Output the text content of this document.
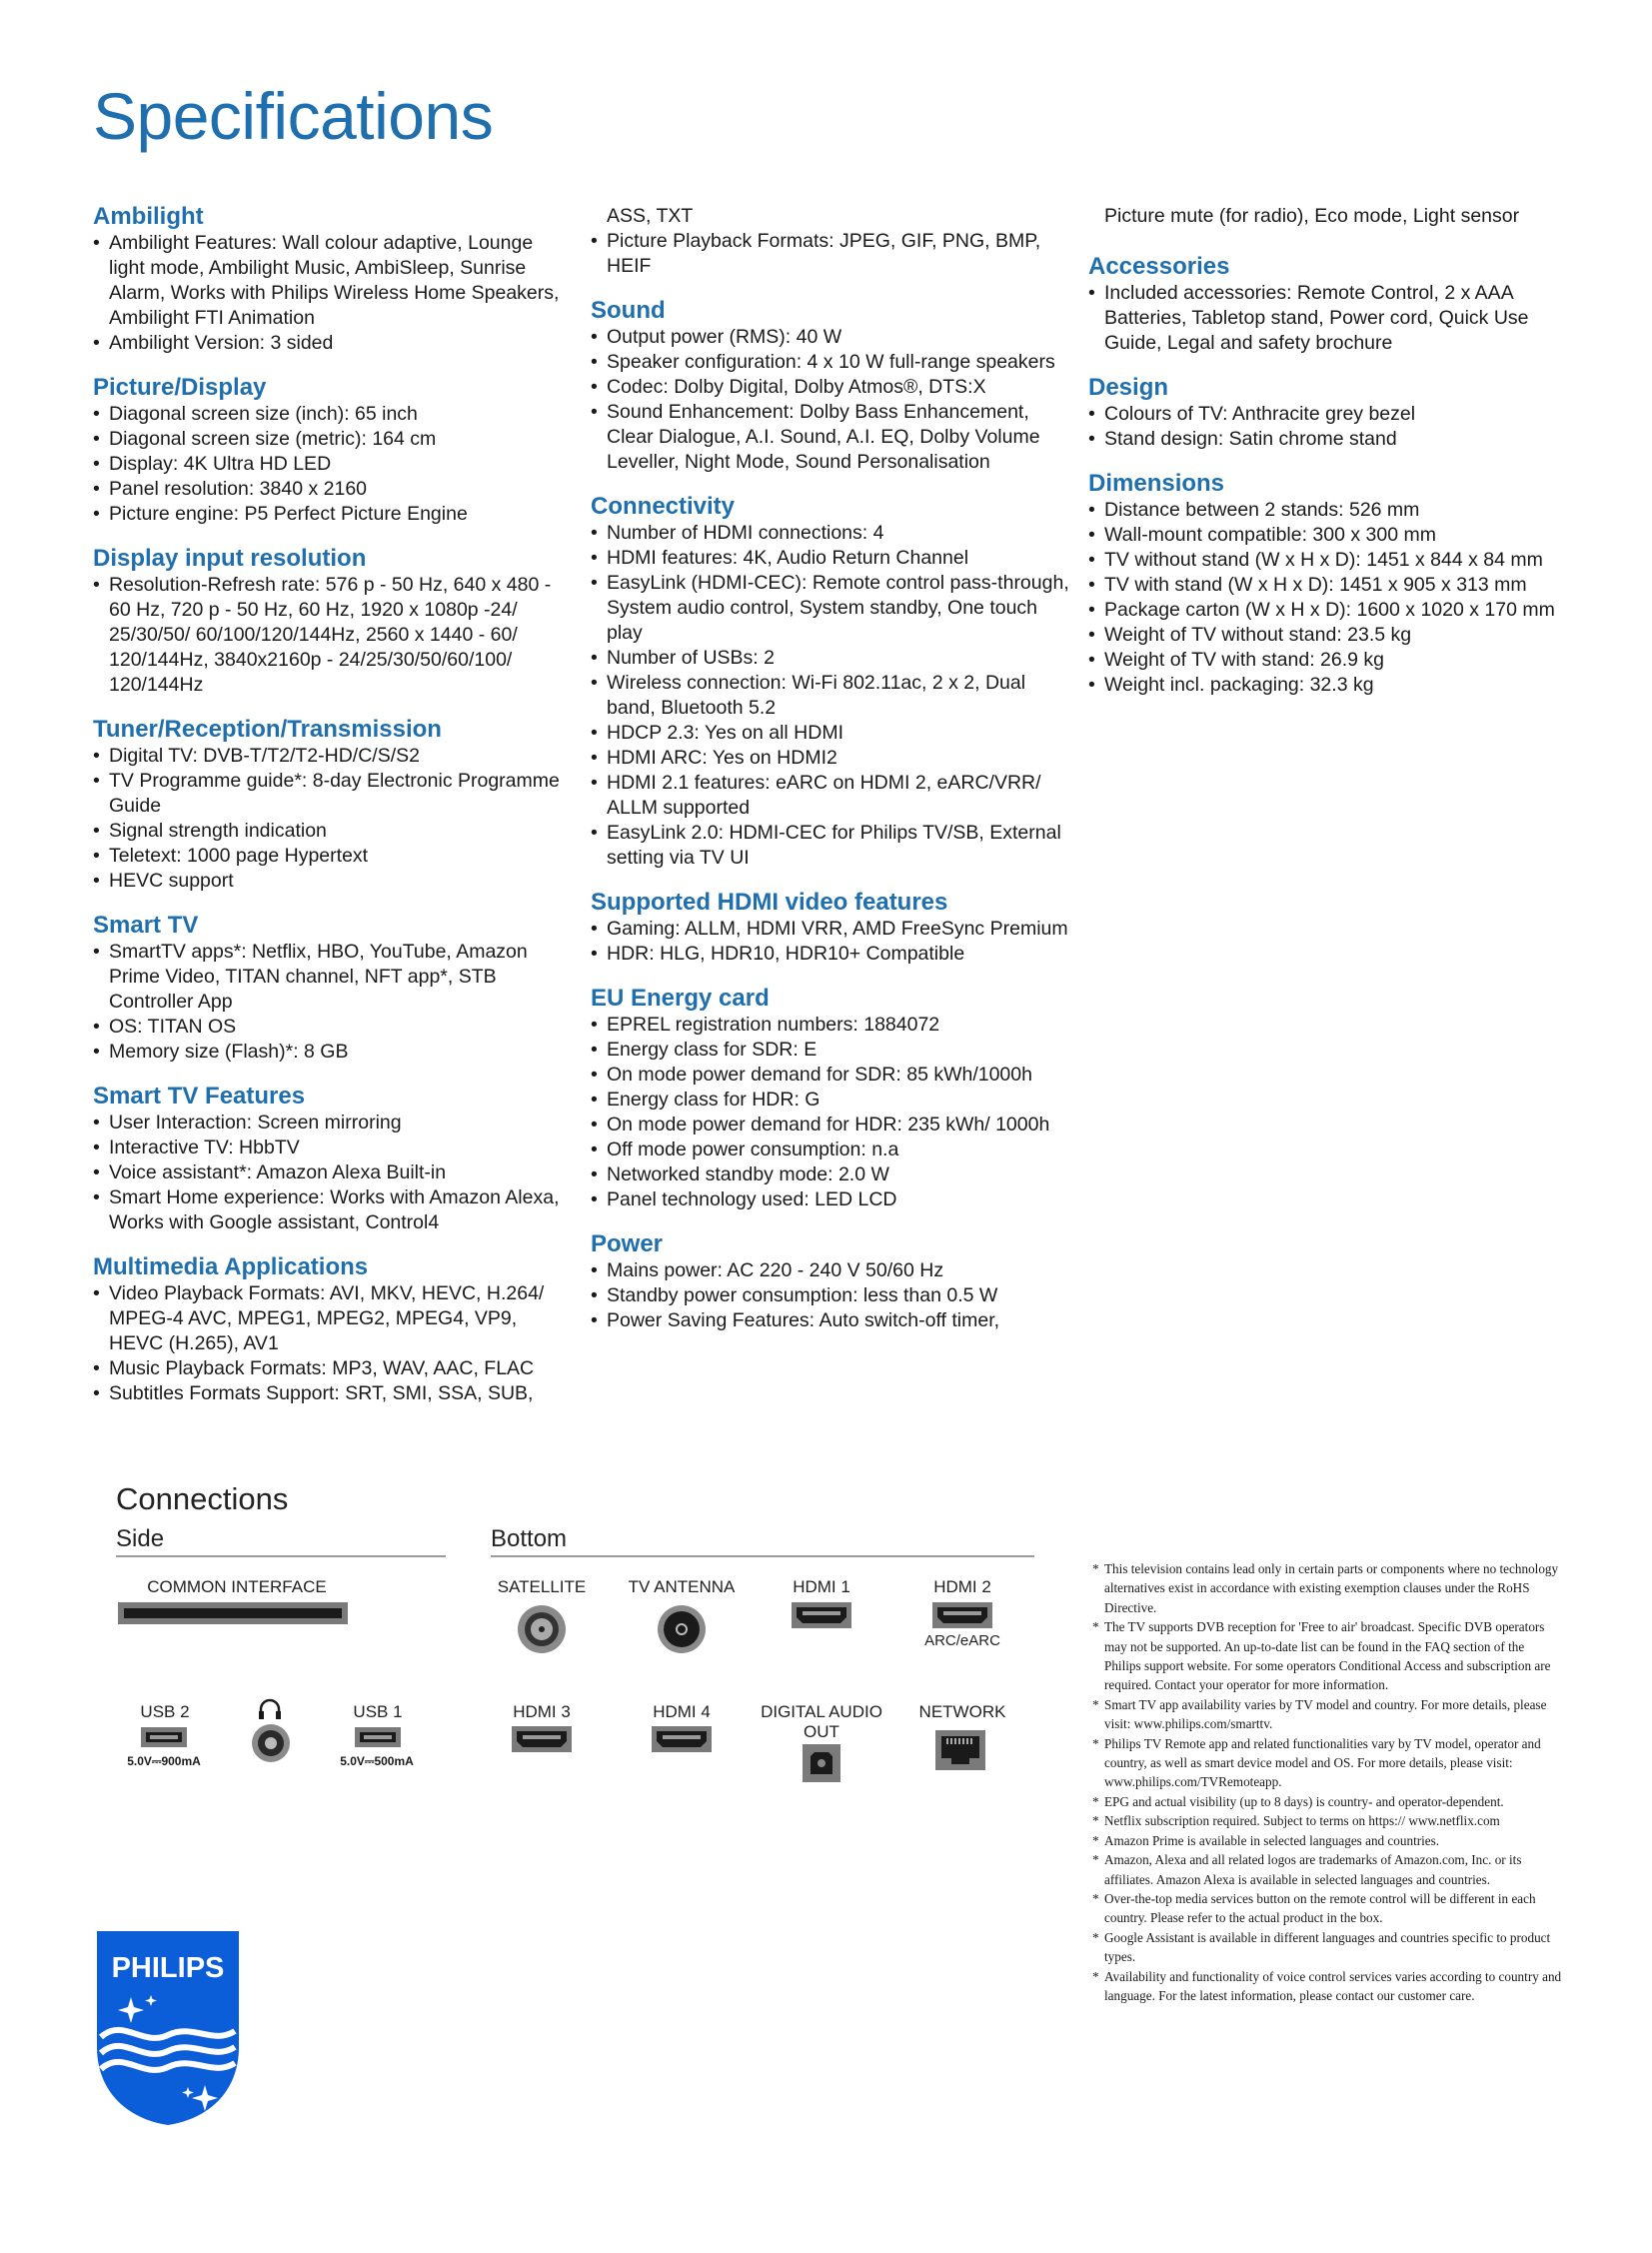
Specifications
Ambilight
• Ambilight Features: Wall colour adaptive, Lounge light mode, Ambilight Music, AmbiSleep, Sunrise Alarm, Works with Philips Wireless Home Speakers, Ambilight FTI Animation
• Ambilight Version: 3 sided
Picture/Display
• Diagonal screen size (inch): 65 inch
• Diagonal screen size (metric): 164 cm
• Display: 4K Ultra HD LED
• Panel resolution: 3840 x 2160
• Picture engine: P5 Perfect Picture Engine
Display input resolution
• Resolution-Refresh rate: 576 p - 50 Hz, 640 x 480 - 60 Hz, 720 p - 50 Hz, 60 Hz, 1920 x 1080p -24/ 25/30/50/ 60/100/120/144Hz, 2560 x 1440 - 60/ 120/144Hz, 3840x2160p - 24/25/30/50/60/100/ 120/144Hz
Tuner/Reception/Transmission
• Digital TV: DVB-T/T2/T2-HD/C/S/S2
• TV Programme guide*: 8-day Electronic Programme Guide
• Signal strength indication
• Teletext: 1000 page Hypertext
• HEVC support
Smart TV
• SmartTV apps*: Netflix, HBO, YouTube, Amazon Prime Video, TITAN channel, NFT app*, STB Controller App
• OS: TITAN OS
• Memory size (Flash)*: 8 GB
Smart TV Features
• User Interaction: Screen mirroring
• Interactive TV: HbbTV
• Voice assistant*: Amazon Alexa Built-in
• Smart Home experience: Works with Amazon Alexa, Works with Google assistant, Control4
Multimedia Applications
• Video Playback Formats: AVI, MKV, HEVC, H.264/ MPEG-4 AVC, MPEG1, MPEG2, MPEG4, VP9, HEVC (H.265), AV1
• Music Playback Formats: MP3, WAV, AAC, FLAC
• Subtitles Formats Support: SRT, SMI, SSA, SUB,
ASS, TXT
• Picture Playback Formats: JPEG, GIF, PNG, BMP, HEIF
Sound
• Output power (RMS): 40 W
• Speaker configuration: 4 x 10 W full-range speakers
• Codec: Dolby Digital, Dolby Atmos®, DTS:X
• Sound Enhancement: Dolby Bass Enhancement, Clear Dialogue, A.I. Sound, A.I. EQ, Dolby Volume Leveller, Night Mode, Sound Personalisation
Connectivity
• Number of HDMI connections: 4
• HDMI features: 4K, Audio Return Channel
• EasyLink (HDMI-CEC): Remote control pass-through, System audio control, System standby, One touch play
• Number of USBs: 2
• Wireless connection: Wi-Fi 802.11ac, 2 x 2, Dual band, Bluetooth 5.2
• HDCP 2.3: Yes on all HDMI
• HDMI ARC: Yes on HDMI2
• HDMI 2.1 features: eARC on HDMI 2, eARC/VRR/ ALLM supported
• EasyLink 2.0: HDMI-CEC for Philips TV/SB, External setting via TV UI
Supported HDMI video features
• Gaming: ALLM, HDMI VRR, AMD FreeSync Premium
• HDR: HLG, HDR10, HDR10+ Compatible
EU Energy card
• EPREL registration numbers: 1884072
• Energy class for SDR: E
• On mode power demand for SDR: 85 kWh/1000h
• Energy class for HDR: G
• On mode power demand for HDR: 235 kWh/ 1000h
• Off mode power consumption: n.a
• Networked standby mode: 2.0 W
• Panel technology used: LED LCD
Power
• Mains power: AC 220 - 240 V 50/60 Hz
• Standby power consumption: less than 0.5 W
• Power Saving Features: Auto switch-off timer,
Picture mute (for radio), Eco mode, Light sensor
Accessories
• Included accessories: Remote Control, 2 x AAA Batteries, Tabletop stand, Power cord, Quick Use Guide, Legal and safety brochure
Design
• Colours of TV: Anthracite grey bezel
• Stand design: Satin chrome stand
Dimensions
• Distance between 2 stands: 526 mm
• Wall-mount compatible: 300 x 300 mm
• TV without stand (W x H x D): 1451 x 844 x 84 mm
• TV with stand (W x H x D): 1451 x 905 x 313 mm
• Package carton (W x H x D): 1600 x 1020 x 170 mm
• Weight of TV without stand: 23.5 kg
• Weight of TV with stand: 26.9 kg
• Weight incl. packaging: 32.3 kg
Connections
Side	Bottom
COMMON INTERFACE
USB 2
5.0V⎓900mA
USB 1
5.0V⎓500mA
SATELLITE	TV ANTENNA	HDMI 1	HDMI 2
ARC/eARC
HDMI 3	HDMI 4	DIGITAL AUDIO OUT
NETWORK
* This television contains lead only in certain parts or components where no technology alternatives exist in accordance with existing exemption clauses under the RoHS Directive.
* The TV supports DVB reception for 'Free to air' broadcast. Specific DVB operators may not be supported. An up-to-date list can be found in the FAQ section of the Philips support website. For some operators Conditional Access and subscription are required. Contact your operator for more information.
* Smart TV app availability varies by TV model and country. For more details, please visit: www.philips.com/smarttv.
* Philips TV Remote app and related functionalities vary by TV model, operator and country, as well as smart device model and OS. For more details, please visit: www.philips.com/TVRemoteapp.
* EPG and actual visibility (up to 8 days) is country- and operator-dependent.
* Netflix subscription required. Subject to terms on https:// www.netflix.com
* Amazon Prime is available in selected languages and countries.
* Amazon, Alexa and all related logos are trademarks of Amazon.com, Inc. or its affiliates. Amazon Alexa is available in selected languages and countries.
* Over-the-top media services button on the remote control will be different in each country. Please refer to the actual product in the box.
* Google Assistant is available in different languages and countries specific to product types.
* Availability and functionality of voice control services varies according to country and language. For the latest information, please contact our customer care.
PHILIPS
